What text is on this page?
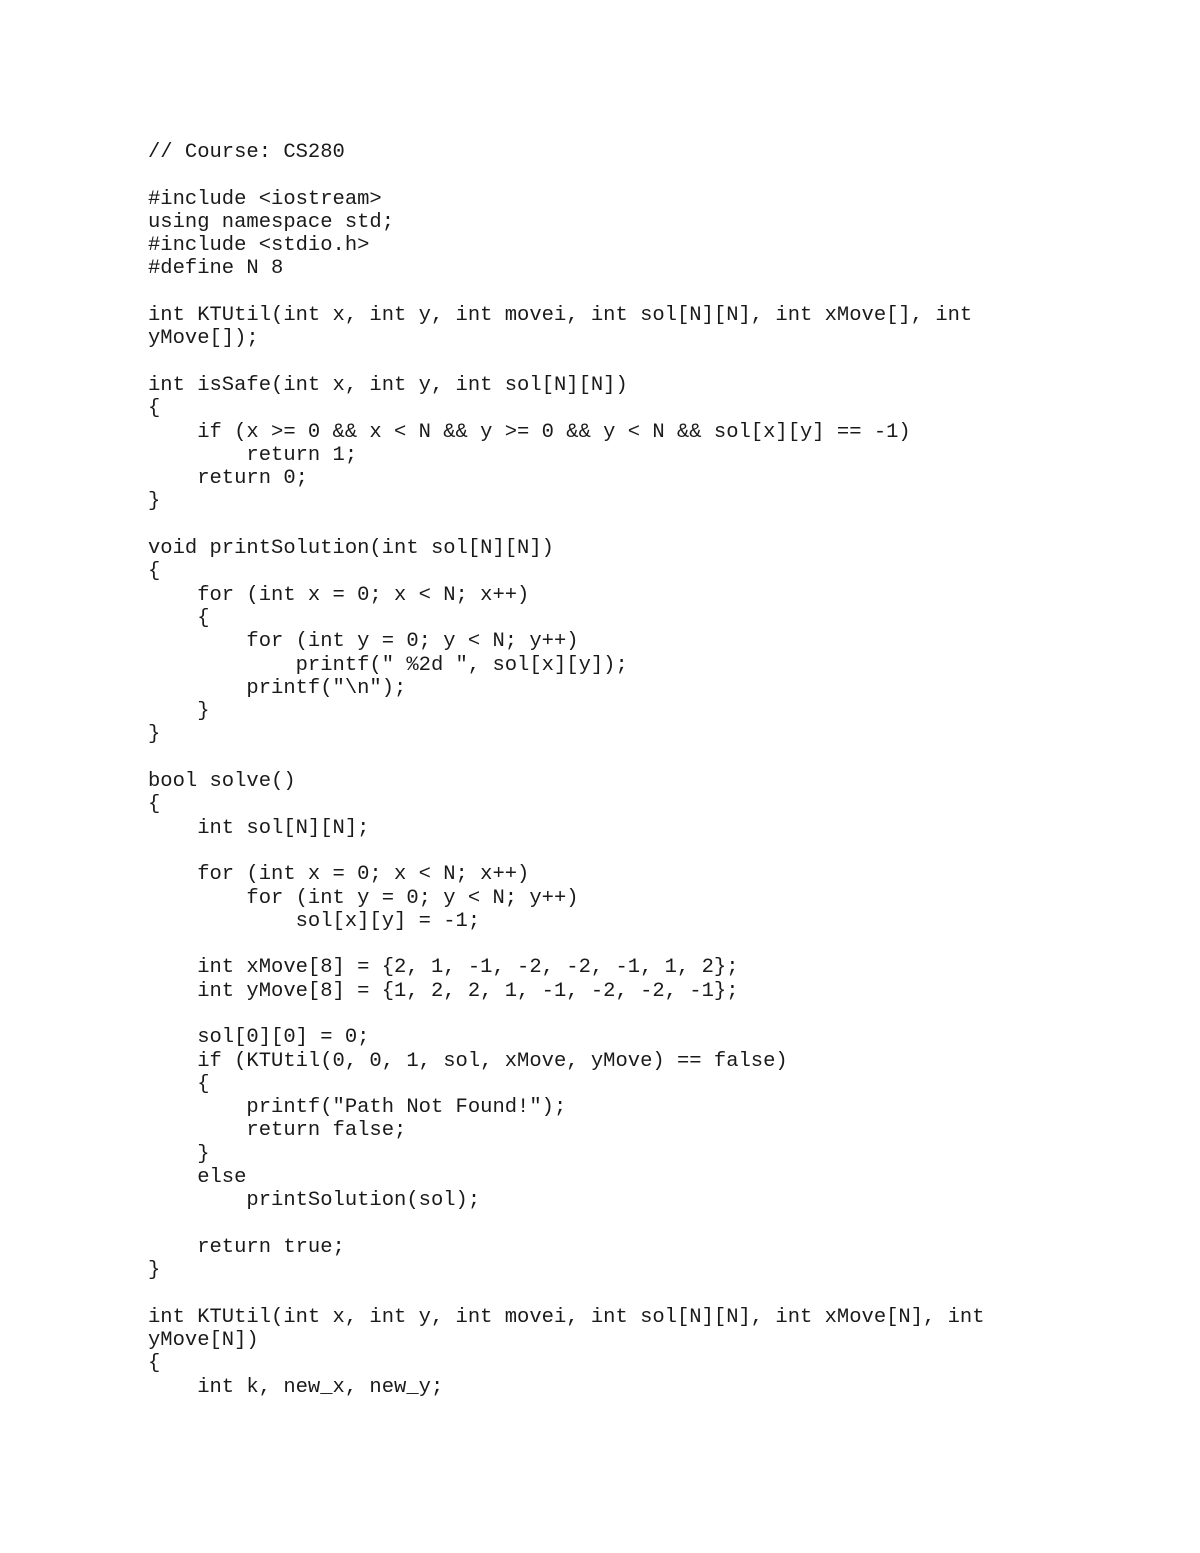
// Course: CS280
#include <iostream>
using namespace std;
#include <stdio.h>
#define N 8
int KTUtil(int x, int y, int movei, int sol[N][N], int xMove[], int
yMove[]);
int isSafe(int x, int y, int sol[N][N])
{
if (x >= 0 && x < N && y >= 0 && y < N && sol[x][y] == -1)
return 1;
return 0;
}
void printSolution(int sol[N][N])
{
for (int x = 0; x < N; x++)
{
for (int y = 0; y < N; y++)
printf(" %2d ", sol[x][y]);
printf("\n");
}
}
bool solve()
{
int sol[N][N];
for (int x = 0; x < N; x++)
for (int y = 0; y < N; y++)
sol[x][y] = -1;
int xMove[8] = {2, 1, -1, -2, -2, -1, 1, 2};
int yMove[8] = {1, 2, 2, 1, -1, -2, -2, -1};
sol[0][0] = 0;
if (KTUtil(0, 0, 1, sol, xMove, yMove) == false)
{
printf("Path Not Found!");
return false;
}
else
printSolution(sol);
return true;
}
int KTUtil(int x, int y, int movei, int sol[N][N], int xMove[N], int
yMove[N])
{
int k, new_x, new_y;
